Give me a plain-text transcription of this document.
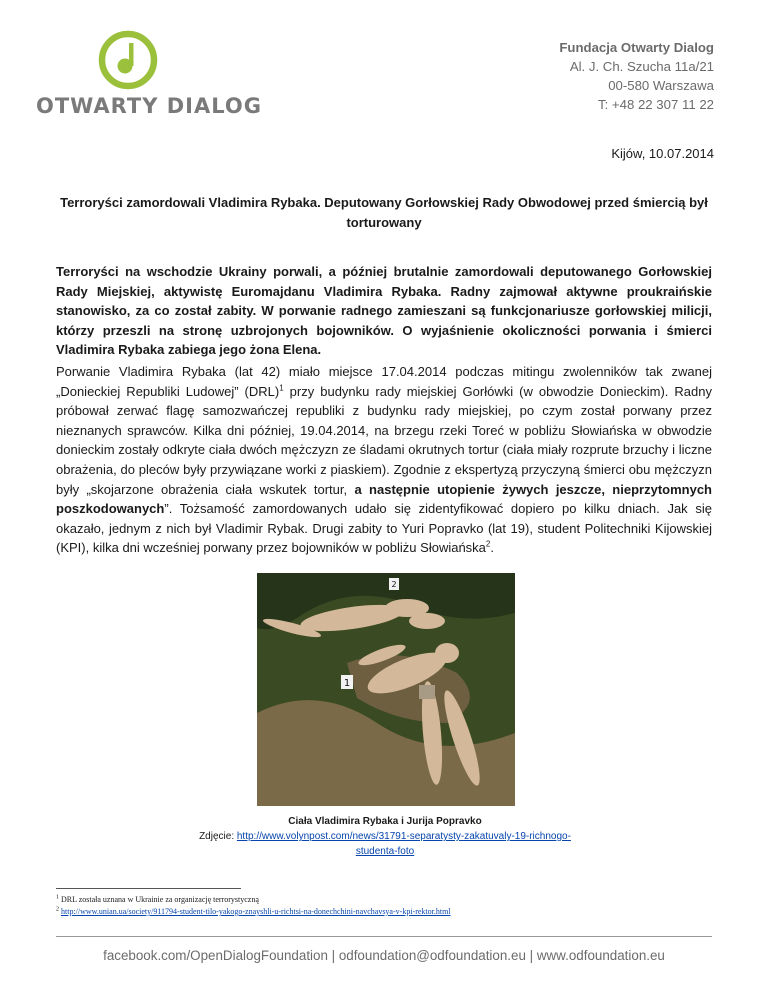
OTWARTY DIALOG
Fundacja Otwarty Dialog
Al. J. Ch. Szucha 11a/21
00-580 Warszawa
T: +48 22 307 11 22
Kijów, 10.07.2014
Terroryści zamordowali Vladimira Rybaka. Deputowany Gorłowskiej Rady Obwodowej przed śmiercią był torturowany
Terroryści na wschodzie Ukrainy porwali, a później brutalnie zamordowali deputowanego Gorłowskiej Rady Miejskiej, aktywistę Euromajdanu Vladimira Rybaka. Radny zajmował aktywne proukraińskie stanowisko, za co został zabity. W porwanie radnego zamieszani są funkcjonariusze gorłowskiej milicji, którzy przeszli na stronę uzbrojonych bojowników. O wyjaśnienie okoliczności porwania i śmierci Vladimira Rybaka zabiega jego żona Elena.
Porwanie Vladimira Rybaka (lat 42) miało miejsce 17.04.2014 podczas mitingu zwolenników tak zwanej „Donieckiej Republiki Ludowej” (DRL)$^1$ przy budynku rady miejskiej Gorłówki (w obwodzie Donieckim). Radny próbował zerwać flagę samozwańczej republiki z budynku rady miejskiej, po czym został porwany przez nieznanych sprawców. Kilka dni później, 19.04.2014, na brzegu rzeki Toreć w pobliżu Słowiańska w obwodzie donieckim zostały odkryte ciała dwóch mężczyzn ze śladami okrutnych tortur (ciała miały rozprute brzuchy i liczne obrażenia, do pleców były przywiązane worki z piaskiem). Zgodnie z ekspertyzą przyczyną śmierci obu mężczyzn były „skojarzone obrażenia ciała wskutek tortur, a następnie utopienie żywych jeszcze, nieprzytomnych poszkodowanych”. Tożsamość zamordowanych udało się zidentyfikować dopiero po kilku dniach. Jak się okazało, jednym z nich był Vladimir Rybak. Drugi zabity to Yuri Popravko (lat 19), student Politechniki Kijowskiej (KPI), kilka dni wcześniej porwany przez bojowników w pobliżu Słowiańska$^2$.
1
2
Ciała Vladimira Rybaka i Jurija Popravko
Zdjęcie: http://www.volynpost.com/news/31791-separatysty-zakatuvaly-19-richnogo-studenta-foto
$^1$ DRL została uznana w Ukrainie za organizację terrorystyczną
$^2$ http://www.unian.ua/society/911794-student-tilo-yakogo-znayshli-u-richtsi-na-donechchini-navchavsya-v-kpi-rektor.html
facebook.com/OpenDialogFoundation | odfoundation@odfoundation.eu | www.odfoundation.eu
